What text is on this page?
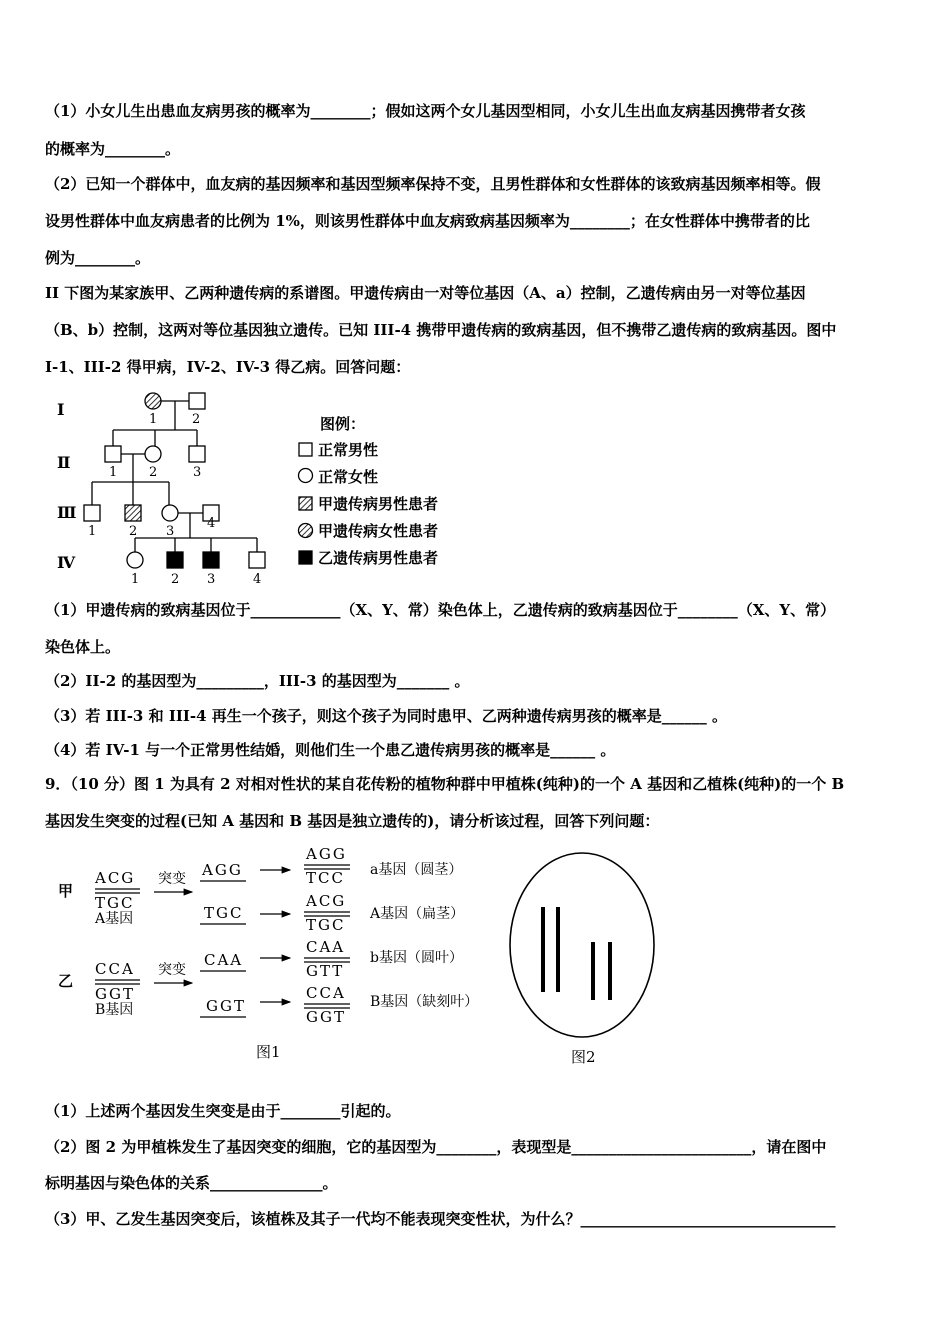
（1）小女儿生出患血友病男孩的概率为________；假如这两个女儿基因型相同，小女儿生出血友病基因携带者女孩
的概率为________。
（2）已知一个群体中，血友病的基因频率和基因型频率保持不变，且男性群体和女性群体的该致病基因频率相等。假
设男性群体中血友病患者的比例为 1%，则该男性群体中血友病致病基因频率为________；在女性群体中携带者的比
例为________。
II 下图为某家族甲、乙两种遗传病的系谱图。甲遗传病由一对等位基因（A、a）控制，乙遗传病由另一对等位基因
（B、b）控制，这两对等位基因独立遗传。已知 III-4 携带甲遗传病的致病基因，但不携带乙遗传病的致病基因。图中
I-1、III-2 得甲病，IV-2、IV-3 得乙病。回答问题：
Ⅰ
Ⅱ
Ⅲ
Ⅳ
1	2
1 2	3
1	2 3
4
1 2 3	4
图例：
正常男性
正常女性
甲遗传病男性患者
甲遗传病女性患者
乙遗传病男性患者
（1）甲遗传病的致病基因位于____________（X、Y、常）染色体上，乙遗传病的致病基因位于________（X、Y、常）
染色体上。
（2）II-2 的基因型为_________，III-3 的基因型为_______ 。
（3）若 III-3 和 III-4 再生一个孩子，则这个孩子为同时患甲、乙两种遗传病男孩的概率是______ 。
（4）若 IV-1 与一个正常男性结婚，则他们生一个患乙遗传病男孩的概率是______ 。
9．（10 分）图 1 为具有 2 对相对性状的某自花传粉的植物种群中甲植株(纯种)的一个 A 基因和乙植株(纯种)的一个 B
基因发生突变的过程(已知 A 基因和 B 基因是独立遗传的)，请分析该过程，回答下列问题：
甲
乙
ACG
TGC
A基因
突变 AGG
AGG
TCC a基因（圆茎）
TGC
ACG
TGC
A基因（扁茎）
CCA
GGT
B基因
突变
CAA
CAA
GTT
b基因（圆叶）
GGT
CCA
GGT
B基因（缺刻叶）
图1	图2
（1）上述两个基因发生突变是由于________引起的。
（2）图 2 为甲植株发生了基因突变的细胞，它的基因型为________，表现型是________________________，请在图中
标明基因与染色体的关系_______________。
（3）甲、乙发生基因突变后，该植株及其子一代均不能表现突变性状，为什么？__________________________________
